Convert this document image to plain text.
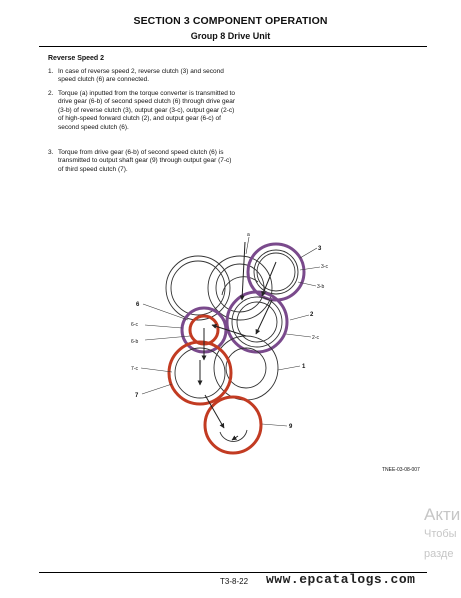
SECTION 3 COMPONENT OPERATION
Group 8 Drive Unit
Reverse Speed 2
1. In case of reverse speed 2, reverse clutch (3) and second speed clutch (6) are connected.
2. Torque (a) inputted from the torque converter is transmitted to drive gear (6-b) of second speed clutch (6) through drive gear (3-b) of reverse clutch (3), output gear (3-c), output gear (2-c) of high-speed forward clutch (2), and output gear (6-c) of second speed clutch (6).
3. Torque from drive gear (6-b) of second speed clutch (6) is transmitted to output shaft gear (9) through output gear (7-c) of third speed clutch (7).
a
3
3-c
3-b
6
6-c
6-b
2
2-c
1
7-c
7
9
TNEE-03-08-007
Акти
Чтобы
разде
T3-8-22 www.epcatalogs.com
